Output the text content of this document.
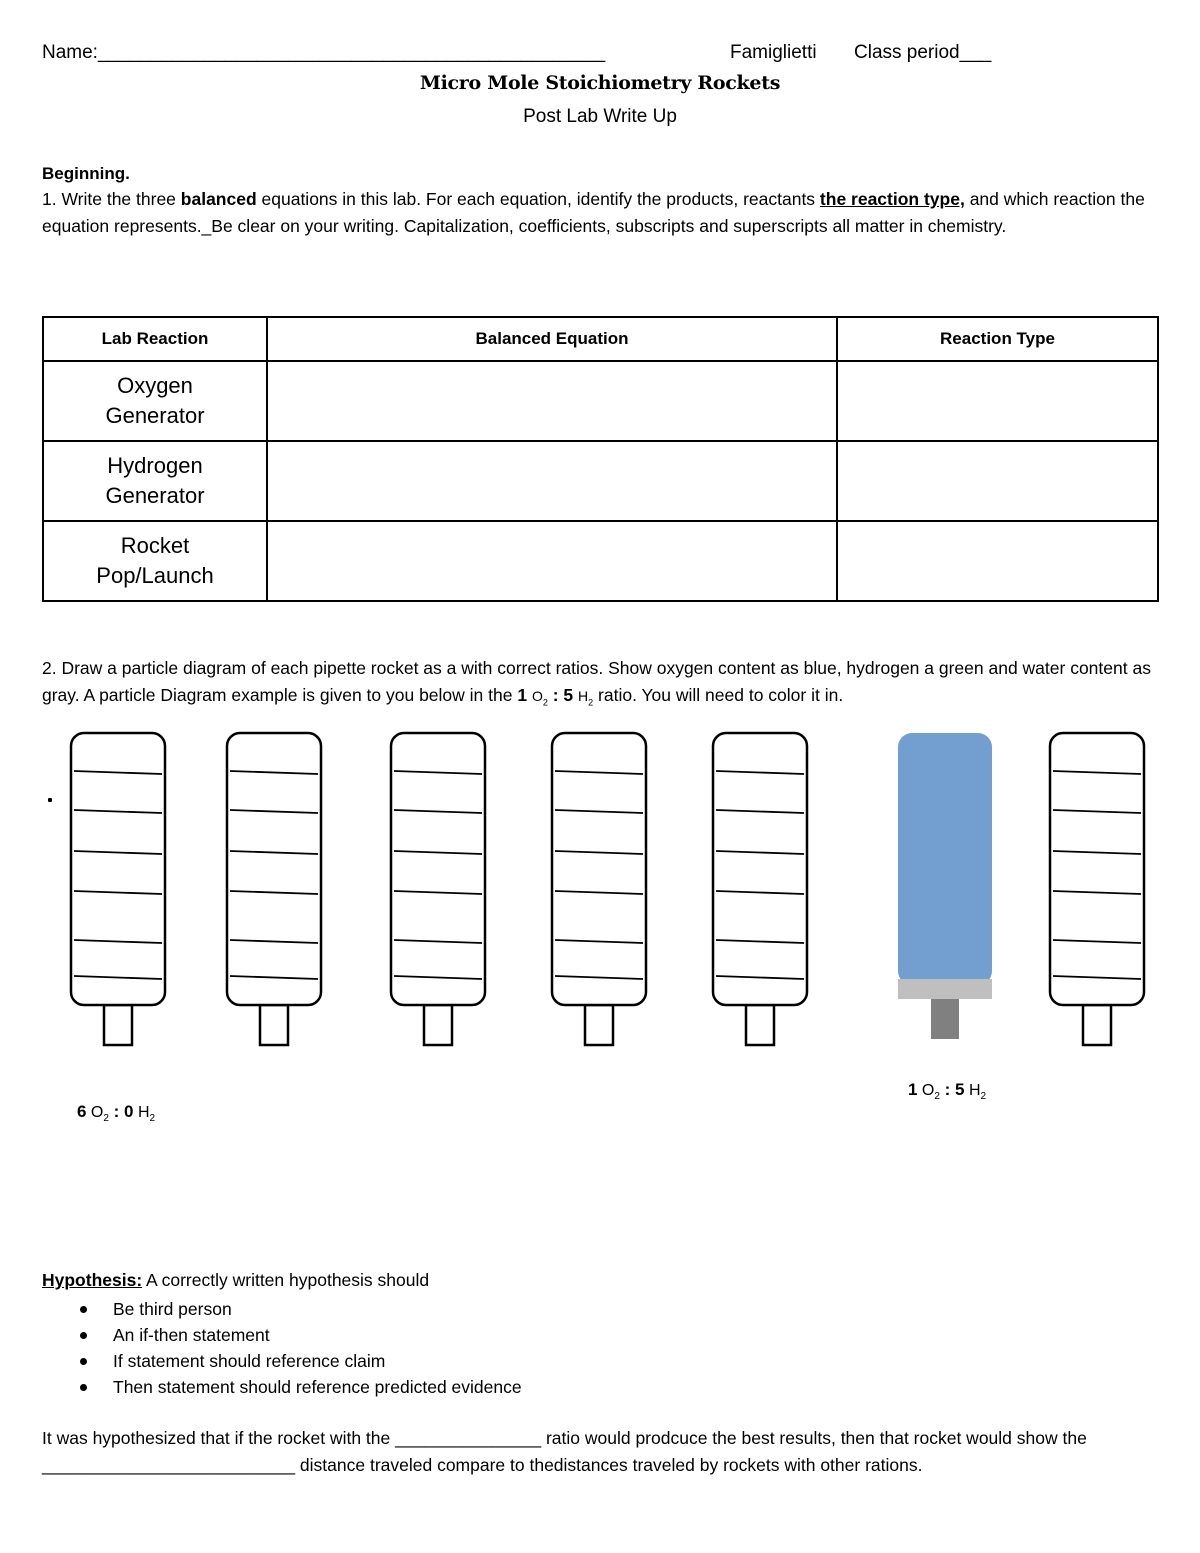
Name:________________________________________________	Famiglietti Class period___
Micro Mole Stoichiometry Rockets
Post Lab Write Up
Beginning.
1. Write the three balanced equations in this lab. For each equation, identify the products, reactants the reaction type, and which reaction the equation represents._Be clear on your writing. Capitalization, coefficients, subscripts and superscripts all matter in chemistry.
Lab Reaction	Balanced Equation	Reaction Type
Oxygen
Generator		
Hydrogen
Generator		
Rocket
Pop/Launch		
2. Draw a particle diagram of each pipette rocket as a with correct ratios. Show oxygen content as blue, hydrogen a green and water content as gray. A particle Diagram example is given to you below in the 1 $O_2$ : 5 $H_2$ ratio. You will need to color it in.
6 $O_2$ : 0 $H_2$
1 $O_2$ : 5 $H_2$
Hypothesis: A correctly written hypothesis should
Be third person
An if-then statement
If statement should reference claim
Then statement should reference predicted evidence
It was hypothesized that if the rocket with the _______________ ratio would prodcuce the best results, then that rocket would show the __________________________ distance traveled compare to thedistances traveled by rockets with other rations.
